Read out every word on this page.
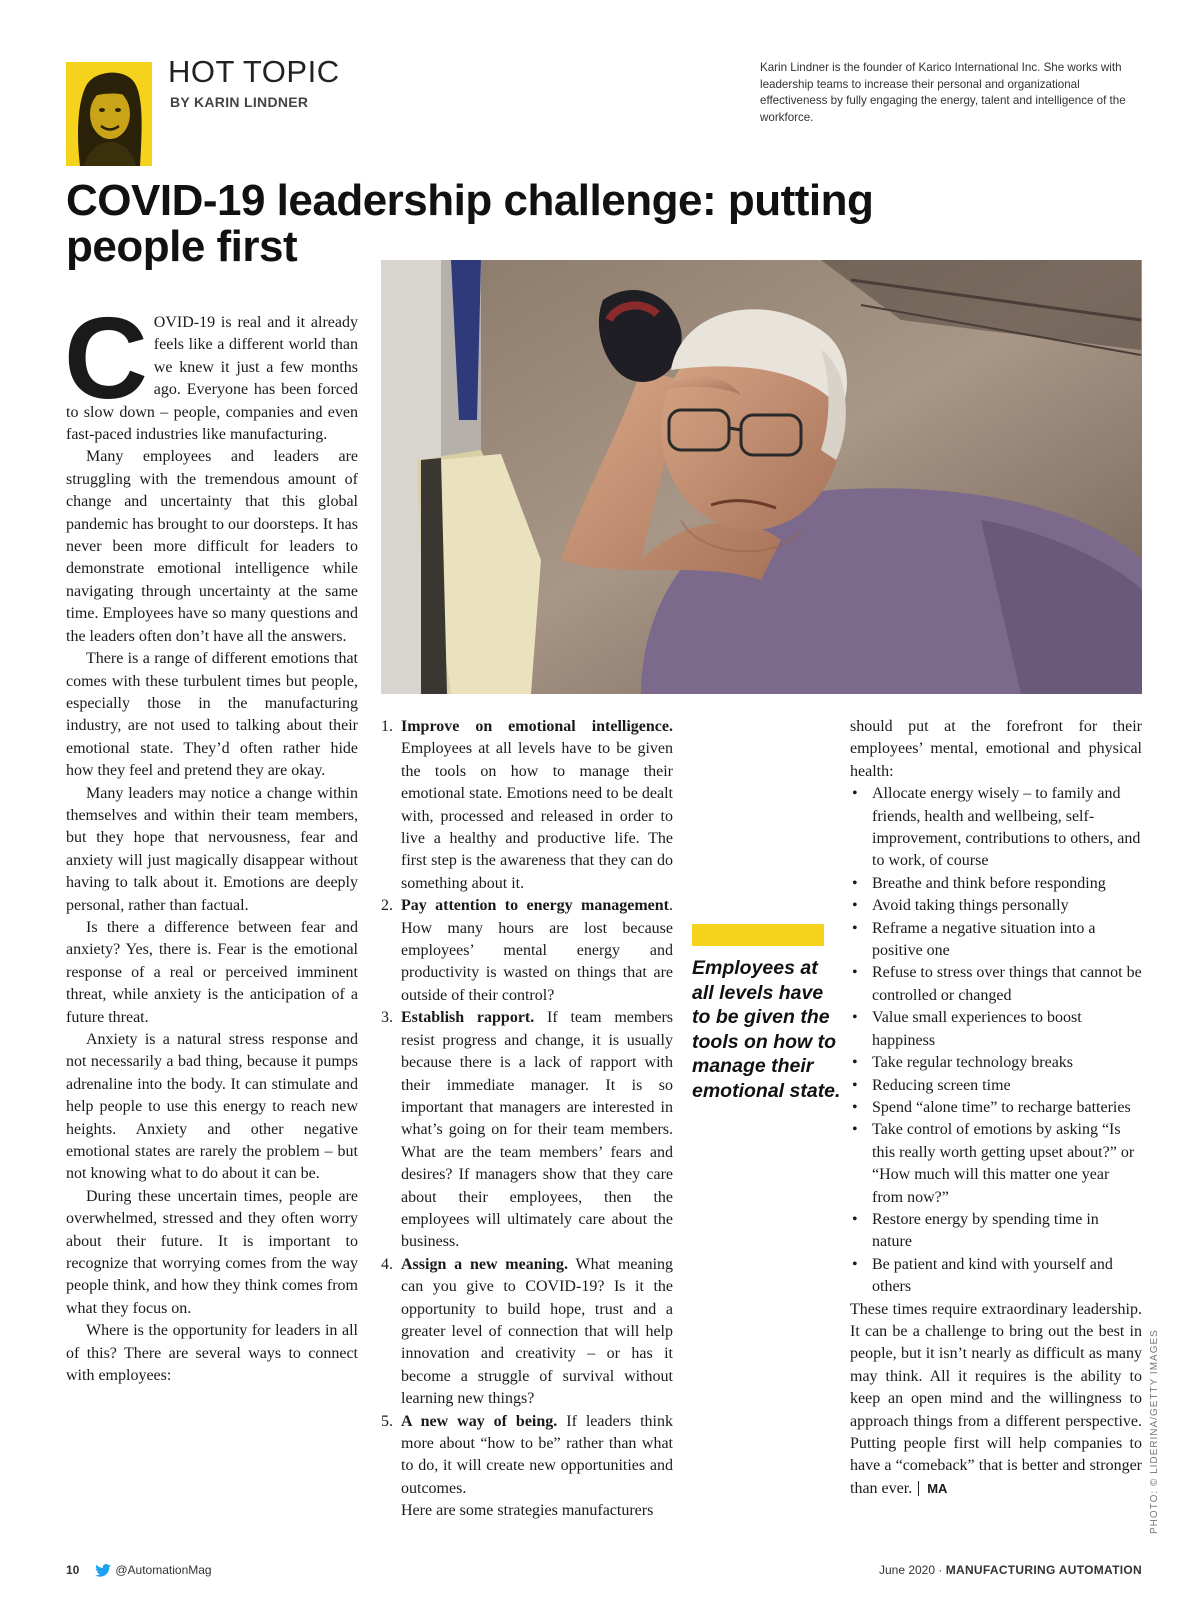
HOT TOPIC
BY KARIN LINDNER
Karin Lindner is the founder of Karico International Inc. She works with leadership teams to increase their personal and organizational effectiveness by fully engaging the energy, talent and intelligence of the workforce.
COVID-19 leadership challenge: putting people first
PHOTO: © LIDERINA/GETTY IMAGES

COVID-19 is real and it already feels like a different world than we knew it just a few months ago. Everyone has been forced to slow down – people, companies and even fast-paced industries like manufacturing.

Many employees and leaders are struggling with the tremendous amount of change and uncertainty that this global pandemic has brought to our doorsteps. It has never been more difficult for leaders to demonstrate emotional intelligence while navigating through uncertainty at the same time. Employees have so many questions and the leaders often don’t have all the answers.

There is a range of different emotions that comes with these turbulent times but people, especially those in the manufacturing industry, are not used to talking about their emotional state. They’d often rather hide how they feel and pretend they are okay.

Many leaders may notice a change within themselves and within their team members, but they hope that nervousness, fear and anxiety will just magically disappear without having to talk about it. Emotions are deeply personal, rather than factual.

Is there a difference between fear and anxiety? Yes, there is. Fear is the emotional response of a real or perceived imminent threat, while anxiety is the anticipation of a future threat.

Anxiety is a natural stress response and not necessarily a bad thing, because it pumps adrenaline into the body. It can stimulate and help people to use this energy to reach new heights. Anxiety and other negative emotional states are rarely the problem – but not knowing what to do about it can be.

During these uncertain times, people are overwhelmed, stressed and they often worry about their future. It is important to recognize that worrying comes from the way people think, and how they think comes from what they focus on.

Where is the opportunity for leaders in all of this? There are several ways to connect with employees:

1. Improve on emotional intelligence. Employees at all levels have to be given the tools on how to manage their emotional state. Emotions need to be dealt with, processed and released in order to live a healthy and productive life. The first step is the awareness that they can do something about it.
2. Pay attention to energy management. How many hours are lost because employees’ mental energy and productivity is wasted on things that are outside of their control?
3. Establish rapport. If team members resist progress and change, it is usually because there is a lack of rapport with their immediate manager. It is so important that managers are interested in what’s going on for their team members. What are the team members’ fears and desires? If managers show that they care about their employees, then the employees will ultimately care about the business.
4. Assign a new meaning. What meaning can you give to COVID-19? Is it the opportunity to build hope, trust and a greater level of connection that will help innovation and creativity – or has it become a struggle of survival without learning new things?
5. A new way of being. If leaders think more about “how to be” rather than what to do, it will create new opportunities and outcomes.

Here are some strategies manufacturers

Employees at all levels have to be given the tools on how to manage their emotional state.

should put at the forefront for their employees’ mental, emotional and physical health:

• Allocate energy wisely – to family and friends, health and wellbeing, self-improvement, contributions to others, and to work, of course
• Breathe and think before responding
• Avoid taking things personally
• Reframe a negative situation into a positive one
• Refuse to stress over things that cannot be controlled or changed
• Value small experiences to boost happiness
• Take regular technology breaks
• Reducing screen time
• Spend “alone time” to recharge batteries
• Take control of emotions by asking “Is this really worth getting upset about?” or “How much will this matter one year from now?”
• Restore energy by spending time in nature
• Be patient and kind with yourself and others

These times require extraordinary leadership. It can be a challenge to bring out the best in people, but it isn’t nearly as difficult as many may think. All it requires is the ability to keep an open mind and the willingness to approach things from a different perspective. Putting people first will help companies to have a “comeback” that is better and stronger than ever. MA

10	@AutomationMag	June 2020 · MANUFACTURING AUTOMATION
